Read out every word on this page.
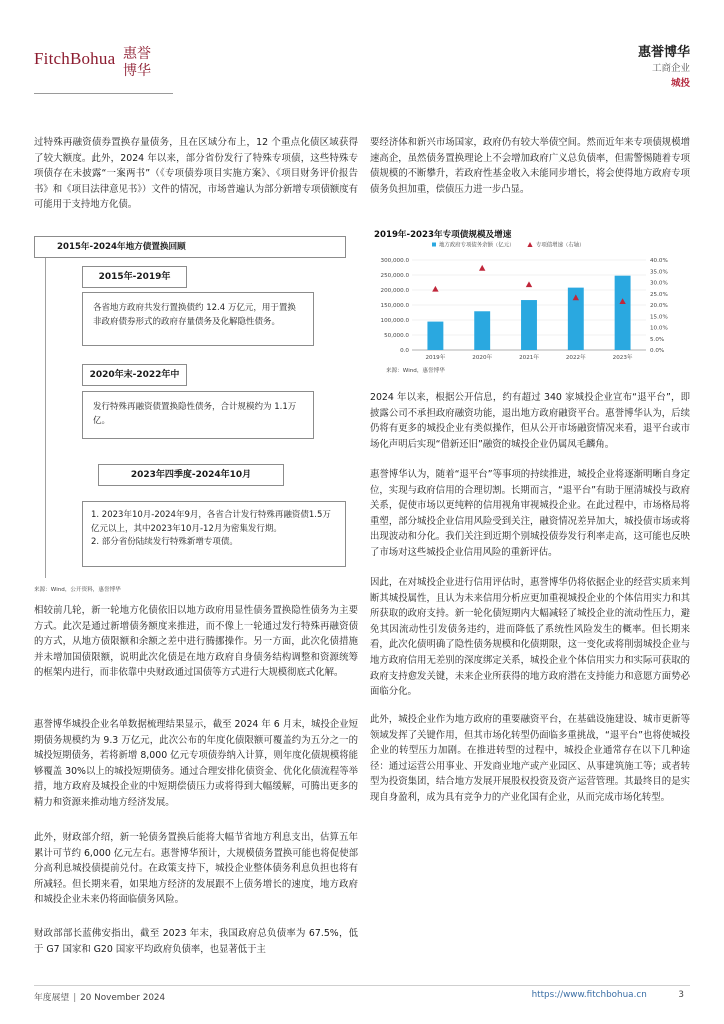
FitchBohua 惠誉
博华
惠誉博华
工商企业
城投

过特殊再融资债券置换存量债务，且在区域分布上，12 个重点化债区域获得了较大额度。此外，2024 年以来，部分省份发行了特殊专项债，这些特殊专项债存在未披露“一案两书”（《专项债券项目实施方案》、《项目财务评价报告书》和《项目法律意见书》）文件的情况，市场普遍认为部分新增专项债额度有可能用于支持地方化债。

2015年-2024年地方债置换回顾
2015年-2019年
各省地方政府共发行置换债约 12.4 万亿元，用于置换非政府债券形式的政府存量债务及化解隐性债务。
2020年末-2022年中
发行特殊再融资债置换隐性债务，合计规模约为 1.1万亿。
2023年四季度-2024年10月
1. 2023年10月-2024年9月，各省合计发行特殊再融资债1.5万亿元以上，其中2023年10月-12月为密集发行期。
2. 部分省份陆续发行特殊新增专项债。
来源：Wind，公开资料，惠誉博华

相较前几轮，新一轮地方化债依旧以地方政府用显性债务置换隐性债务为主要方式。此次是通过新增债务额度来推进，而不像上一轮通过发行特殊再融资债的方式，从地方债限额和余额之差中进行腾挪操作。另一方面，此次化债措施并未增加国债限额，说明此次化债是在地方政府自身债务结构调整和资源统筹的框架内进行，而非依靠中央财政通过国债等方式进行大规模彻底式化解。

惠誉博华城投企业名单数据梳理结果显示，截至 2024 年 6 月末，城投企业短期债务规模约为 9.3 万亿元，此次公布的年度化债限额可覆盖约为五分之一的城投短期债务，若将新增 8,000 亿元专项债券纳入计算，则年度化债规模将能够覆盖 30%以上的城投短期债务。通过合理安排化债资金、优化化债流程等举措，地方政府及城投企业的中短期偿债压力或将得到大幅缓解，可腾出更多的精力和资源来推动地方经济发展。

此外，财政部介绍，新一轮债务置换后能将大幅节省地方利息支出，估算五年累计可节约 6,000 亿元左右。惠誉博华预计，大规模债务置换可能也将促使部分高利息城投债提前兑付。在政策支持下，城投企业整体债务利息负担也将有所减轻。但长期来看，如果地方经济的发展跟不上债务增长的速度，地方政府和城投企业未来仍将面临债务风险。

财政部部长蓝佛安指出，截至 2023 年末，我国政府总负债率为 67.5%，低于 G7 国家和 G20 国家平均政府负债率，也显著低于主

要经济体和新兴市场国家，政府仍有较大举债空间。然而近年来专项债规模增速高企，虽然债务置换理论上不会增加政府广义总负债率，但需警惕随着专项债规模的不断攀升，若政府性基金收入未能同步增长，将会使得地方政府专项债务负担加重，偿债压力进一步凸显。

2019年-2023年专项债规模及增速
0.0
50,000.0
100,000.0
150,000.0
200,000.0
250,000.0
300,000.0
0.0%
5.0%
10.0%
15.0%
20.0%
25.0%
30.0%
35.0%
40.0%
2019年	2020年	2021年	2022年	2023年
地方政府专项债务余额（亿元）	专项债增速（右轴）
来源：Wind，惠誉博华

2024 年以来，根据公开信息，约有超过 340 家城投企业宣布“退平台”，即披露公司不承担政府融资功能，退出地方政府融资平台。惠誉博华认为，后续仍将有更多的城投企业有类似操作，但从公开市场融资情况来看，退平台或市场化声明后实现“借新还旧”融资的城投企业仍属凤毛麟角。

惠誉博华认为，随着“退平台”等事项的持续推进，城投企业将逐渐明晰自身定位，实现与政府信用的合理切割。长期而言，“退平台”有助于厘清城投与政府关系，促使市场以更纯粹的信用视角审视城投企业。在此过程中，市场格局将重塑，部分城投企业信用风险受到关注，融资情况差异加大，城投债市场或将出现波动和分化。我们关注到近期个别城投债券发行利率走高，这可能也反映了市场对这些城投企业信用风险的重新评估。

因此，在对城投企业进行信用评估时，惠誉博华仍将依据企业的经营实质来判断其城投属性，且认为未来信用分析应更加重视城投企业的个体信用实力和其所获取的政府支持。新一轮化债短期内大幅减轻了城投企业的流动性压力，避免其因流动性引发债务违约，进而降低了系统性风险发生的概率。但长期来看，此次化债明确了隐性债务规模和化债期限，这一变化或将削弱城投企业与地方政府信用无差别的深度绑定关系，城投企业个体信用实力和实际可获取的政府支持愈发关键，未来企业所获得的地方政府潜在支持能力和意愿方面势必面临分化。

此外，城投企业作为地方政府的重要融资平台，在基础设施建设、城市更新等领域发挥了关键作用，但其市场化转型仍面临多重挑战，“退平台”也将使城投企业的转型压力加剧。在推进转型的过程中，城投企业通常存在以下几种途径：通过运营公用事业、开发商业地产或产业园区、从事建筑施工等；或者转型为投资集团，结合地方发展开展股权投资及资产运营管理。其最终目的是实现自身盈利，成为具有竞争力的产业化国有企业，从而完成市场化转型。

年度展望 | 20 November 2024	https://www.fitchbohua.cn	3
